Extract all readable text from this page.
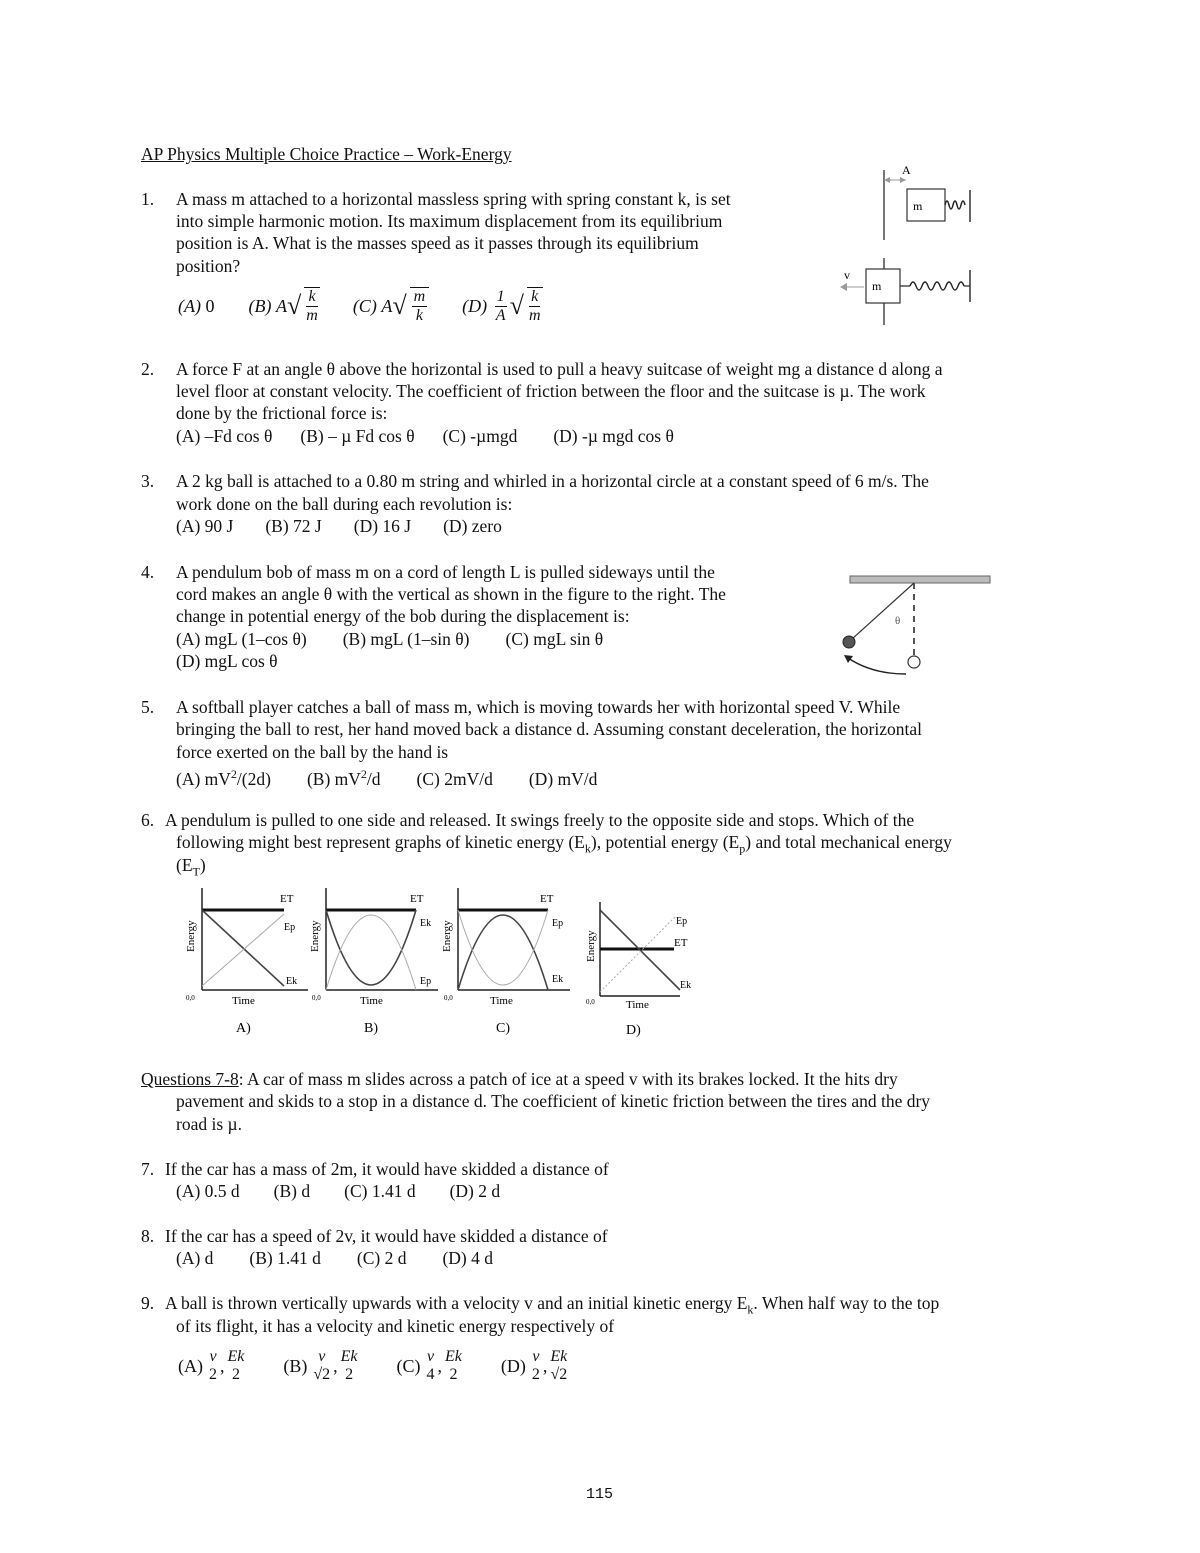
AP Physics Multiple Choice Practice – Work-Energy
1. A mass m attached to a horizontal massless spring with spring constant k, is set
into simple harmonic motion. Its maximum displacement from its equilibrium
position is A. What is the masses speed as it passes through its equilibrium
position?
(A) 0 (B)
A √ $\frac{k}{m} (C)$
A √ $\frac{m}{k} (D)$
$\frac{1}{A}$ √ $\frac{k}{m}$
A
m
v
m
2. A force F at an angle θ above the horizontal is used to pull a heavy suitcase of weight mg a distance d along a
level floor at constant velocity. The coefficient of friction between the floor and the suitcase is µ. The work
done by the frictional force is:
(A) –Fd cos θ (B) – µ Fd cos θ (C) -µmgd (D) -µ mgd cos θ
3. A 2 kg ball is attached to a 0.80 m string and whirled in a horizontal circle at a constant speed of 6 m/s. The
work done on the ball during each revolution is:
(A) 90 J (B) 72 J (D) 16 J (D) zero
4. A pendulum bob of mass m on a cord of length L is pulled sideways until the
cord makes an angle θ with the vertical as shown in the figure to the right. The
change in potential energy of the bob during the displacement is:
(A) mgL (1–cos θ) (B) mgL (1–sin θ) (C) mgL sin θ
(D) mgL cos θ
θ
5. A softball player catches a ball of mass m, which is moving towards her with horizontal speed V. While
bringing the ball to rest, her hand moved back a distance d. Assuming constant deceleration, the horizontal
force exerted on the ball by the hand is
(A) $mV^2/(2d)$ (B) $mV^2/d$ (C) 2mV/d (D) mV/d
6. A pendulum is pulled to one side and released. It swings freely to the opposite side and stops. Which of the
following might best represent graphs of kinetic energy $(E_k)$, potential energy $(E_p)$ and total mechanical energy
$(E_T)$
Energy
Time
0,0
ET
Ep
Ek
A)
Energy
Time
0,0
ET
Ek
Ep
B)
Energy
Time
0,0
ET
Ep
Ek
C)
Energy
Time
0,0
Ep
ET
Ek
D)
Questions 7-8: A car of mass m slides across a patch of ice at a speed v with its brakes locked. It the hits dry
pavement and skids to a stop in a distance d. The coefficient of kinetic friction between the tires and the dry
road is µ.
7. If the car has a mass of 2m, it would have skidded a distance of
(A) 0.5 d (B) d (C) 1.41 d (D) 2 d
8. If the car has a speed of 2v, it would have skidded a distance of
(A) d (B) 1.41 d (C) 2 d (D) 4 d
9. A ball is thrown vertically upwards with a velocity v and an initial kinetic energy $E_k$. When half way to the top
of its flight, it has a velocity and kinetic energy respectively of
(A) v
2 , Ek
2 (B) v
√2 , Ek
2 (C) v
4 , Ek
2 (D) v
2 , Ek
√2
115
